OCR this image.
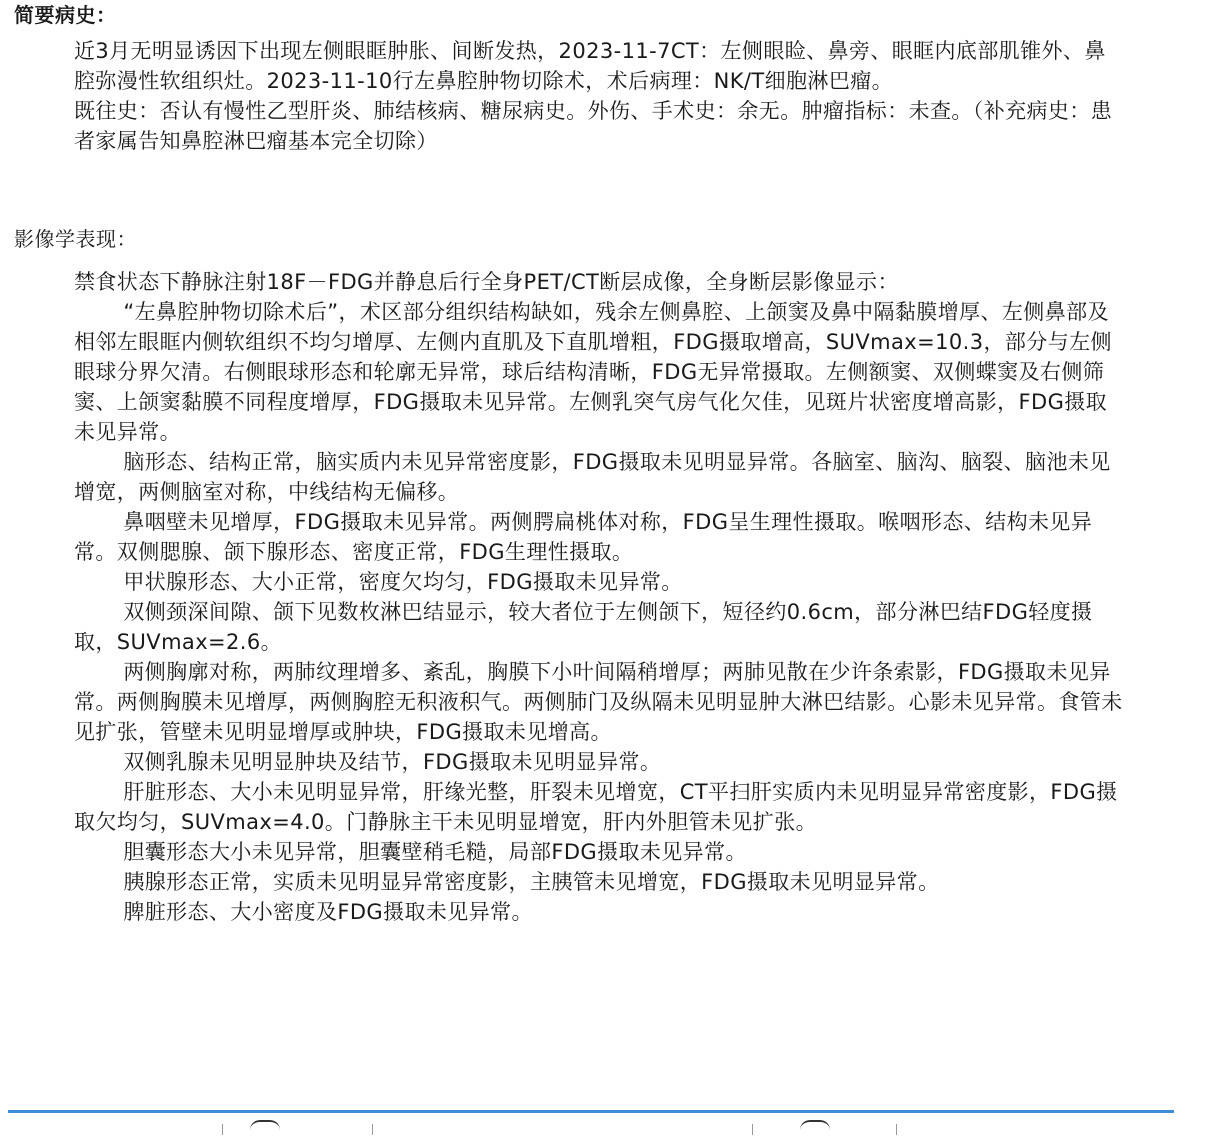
简要病史：

近3月无明显诱因下出现左侧眼眶肿胀、间断发热，2023-11-7CT：左侧眼睑、鼻旁、眼眶内底部肌锥外、鼻腔弥漫性软组织灶。2023-11-10行左鼻腔肿物切除术，术后病理：NK/T细胞淋巴瘤。

既往史：否认有慢性乙型肝炎、肺结核病、糖尿病史。外伤、手术史：余无。肿瘤指标：未查。（补充病史：患者家属告知鼻腔淋巴瘤基本完全切除）

影像学表现：

禁食状态下静脉注射18F－FDG并静息后行全身PET/CT断层成像，全身断层影像显示：

“左鼻腔肿物切除术后”，术区部分组织结构缺如，残余左侧鼻腔、上颌窦及鼻中隔黏膜增厚、左侧鼻部及相邻左眼眶内侧软组织不均匀增厚、左侧内直肌及下直肌增粗，FDG摄取增高，SUVmax=10.3，部分与左侧眼球分界欠清。右侧眼球形态和轮廓无异常，球后结构清晰，FDG无异常摄取。左侧额窦、双侧蝶窦及右侧筛窦、上颌窦黏膜不同程度增厚，FDG摄取未见异常。左侧乳突气房气化欠佳，见斑片状密度增高影，FDG摄取未见异常。

脑形态、结构正常，脑实质内未见异常密度影，FDG摄取未见明显异常。各脑室、脑沟、脑裂、脑池未见增宽，两侧脑室对称，中线结构无偏移。

鼻咽壁未见增厚，FDG摄取未见异常。两侧腭扁桃体对称，FDG呈生理性摄取。喉咽形态、结构未见异常。双侧腮腺、颌下腺形态、密度正常，FDG生理性摄取。

甲状腺形态、大小正常，密度欠均匀，FDG摄取未见异常。

双侧颈深间隙、颌下见数枚淋巴结显示，较大者位于左侧颌下，短径约0.6cm，部分淋巴结FDG轻度摄取，SUVmax=2.6。

两侧胸廓对称，两肺纹理增多、紊乱，胸膜下小叶间隔稍增厚；两肺见散在少许条索影，FDG摄取未见异常。两侧胸膜未见增厚，两侧胸腔无积液积气。两侧肺门及纵隔未见明显肿大淋巴结影。心影未见异常。食管未见扩张，管壁未见明显增厚或肿块，FDG摄取未见增高。

双侧乳腺未见明显肿块及结节，FDG摄取未见明显异常。

肝脏形态、大小未见明显异常，肝缘光整，肝裂未见增宽，CT平扫肝实质内未见明显异常密度影，FDG摄取欠均匀，SUVmax=4.0。门静脉主干未见明显增宽，肝内外胆管未见扩张。

胆囊形态大小未见异常，胆囊壁稍毛糙，局部FDG摄取未见异常。

胰腺形态正常，实质未见明显异常密度影，主胰管未见增宽，FDG摄取未见明显异常。

脾脏形态、大小密度及FDG摄取未见异常。
